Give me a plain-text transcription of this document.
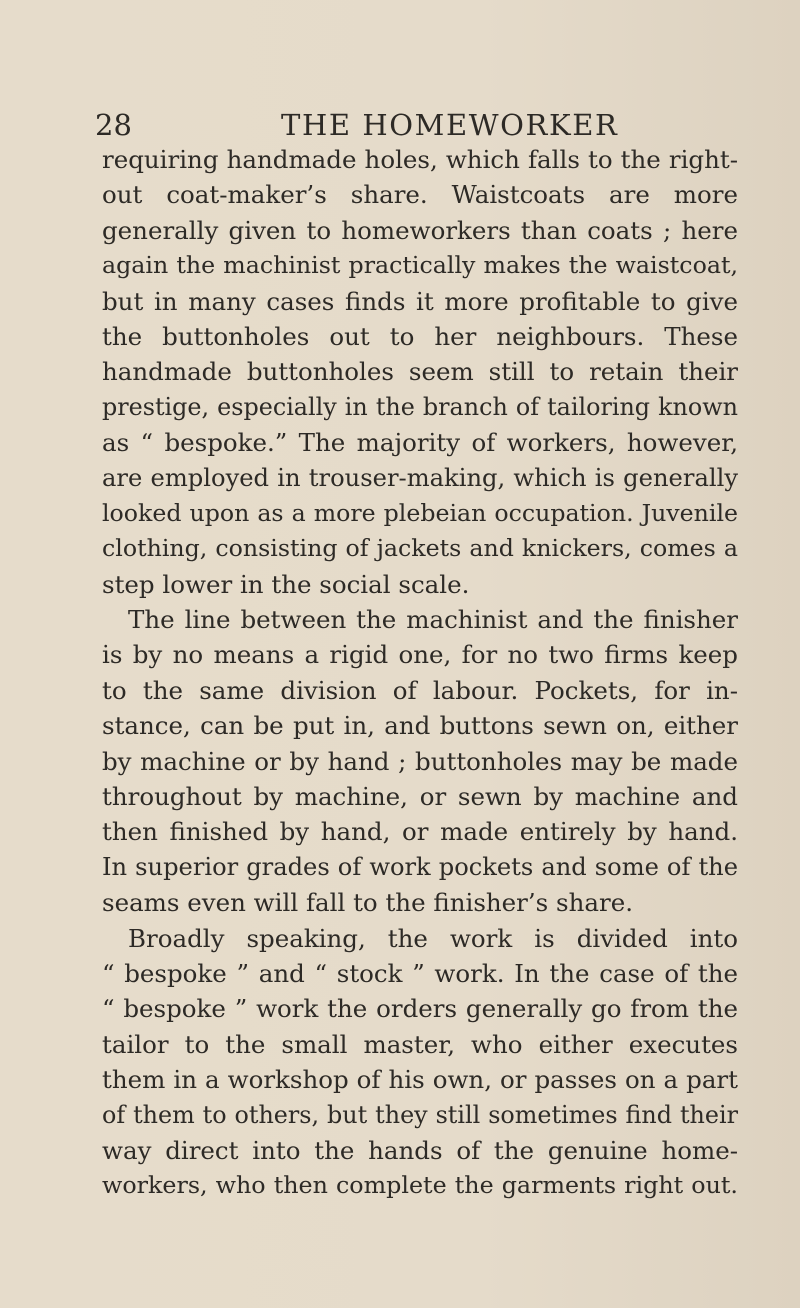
28	THE HOMEWORKER
requiring handmade holes, which falls to the right-
out coat-maker’s share. Waistcoats are more
generally given to homeworkers than coats ; here
again the machinist practically makes the waistcoat,
but in many cases finds it more profitable to give
the buttonholes out to her neighbours. These
handmade buttonholes seem still to retain their
prestige, especially in the branch of tailoring known
as “ bespoke.” The majority of workers, however,
are employed in trouser-making, which is generally
looked upon as a more plebeian occupation. Juvenile
clothing, consisting of jackets and knickers, comes a
step lower in the social scale.
The line between the machinist and the finisher
is by no means a rigid one, for no two firms keep
to the same division of labour. Pockets, for in-
stance, can be put in, and buttons sewn on, either
by machine or by hand ; buttonholes may be made
throughout by machine, or sewn by machine and
then finished by hand, or made entirely by hand.
In superior grades of work pockets and some of the
seams even will fall to the finisher’s share.
Broadly speaking, the work is divided into
“ bespoke ” and “ stock ” work. In the case of the
“ bespoke ” work the orders generally go from the
tailor to the small master, who either executes
them in a workshop of his own, or passes on a part
of them to others, but they still sometimes find their
way direct into the hands of the genuine home-
workers, who then complete the garments right out.
